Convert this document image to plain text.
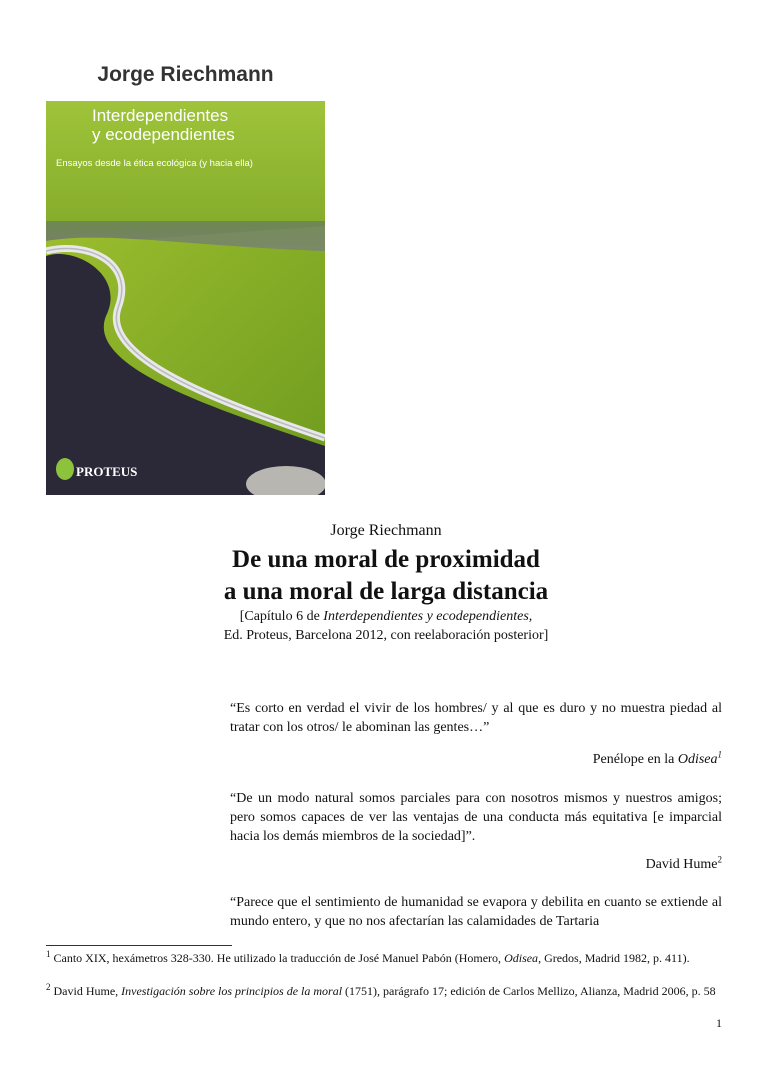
Jorge Riechmann
Interdependientes
y ecodependientes
Ensayos desde la ética ecológica (y hacia ella)
PROTEUS
Jorge Riechmann
De una moral de proximidad
a una moral de larga distancia
[Capítulo 6 de Interdependientes y ecodependientes,
Ed. Proteus, Barcelona 2012, con reelaboración posterior]
“Es corto en verdad el vivir de los hombres/ y al que es duro y no muestra piedad al tratar con los otros/ le abominan las gentes…”
Penélope en la Odisea$^1$
“De un modo natural somos parciales para con nosotros mismos y nuestros amigos; pero somos capaces de ver las ventajas de una conducta más equitativa [e imparcial hacia los demás miembros de la sociedad]”.
David Hume$^2$
“Parece que el sentimiento de humanidad se evapora y debilita en cuanto se extiende al mundo entero, y que no nos afectarían las calamidades de Tartaria
$^1$ Canto XIX, hexámetros 328-330. He utilizado la traducción de José Manuel Pabón (Homero, Odisea, Gredos, Madrid 1982, p. 411).
$^2$ David Hume, Investigación sobre los principios de la moral (1751), parágrafo 17; edición de Carlos Mellizo, Alianza, Madrid 2006, p. 58
1
